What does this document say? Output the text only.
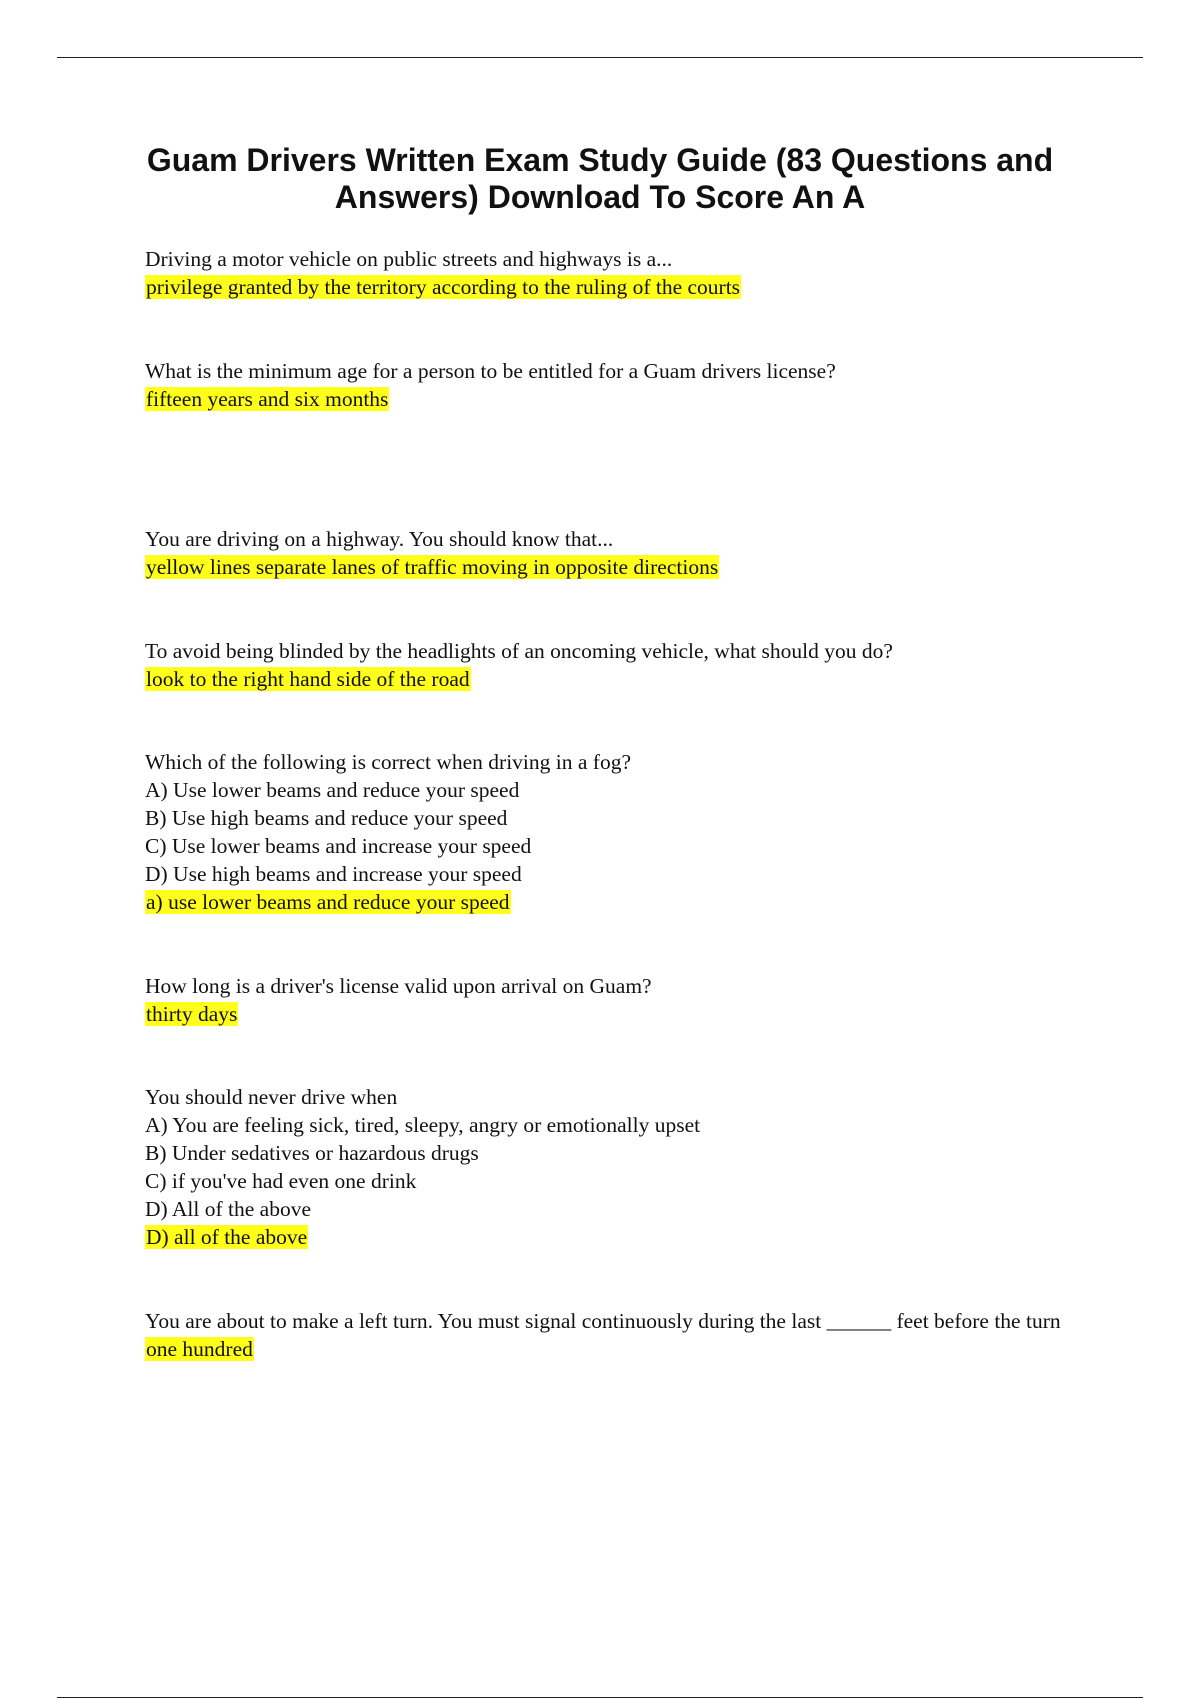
Guam Drivers Written Exam Study Guide (83 Questions and Answers) Download To Score An A
Driving a motor vehicle on public streets and highways is a...
privilege granted by the territory according to the ruling of the courts
What is the minimum age for a person to be entitled for a Guam drivers license?
fifteen years and six months
You are driving on a highway. You should know that...
yellow lines separate lanes of traffic moving in opposite directions
To avoid being blinded by the headlights of an oncoming vehicle, what should you do?
look to the right hand side of the road
Which of the following is correct when driving in a fog?
A) Use lower beams and reduce your speed
B) Use high beams and reduce your speed
C) Use lower beams and increase your speed
D) Use high beams and increase your speed
a) use lower beams and reduce your speed
How long is a driver's license valid upon arrival on Guam?
thirty days
You should never drive when
A) You are feeling sick, tired, sleepy, angry or emotionally upset
B) Under sedatives or hazardous drugs
C) if you've had even one drink
D) All of the above
D) all of the above
You are about to make a left turn. You must signal continuously during the last ______ feet before the turn
one hundred
